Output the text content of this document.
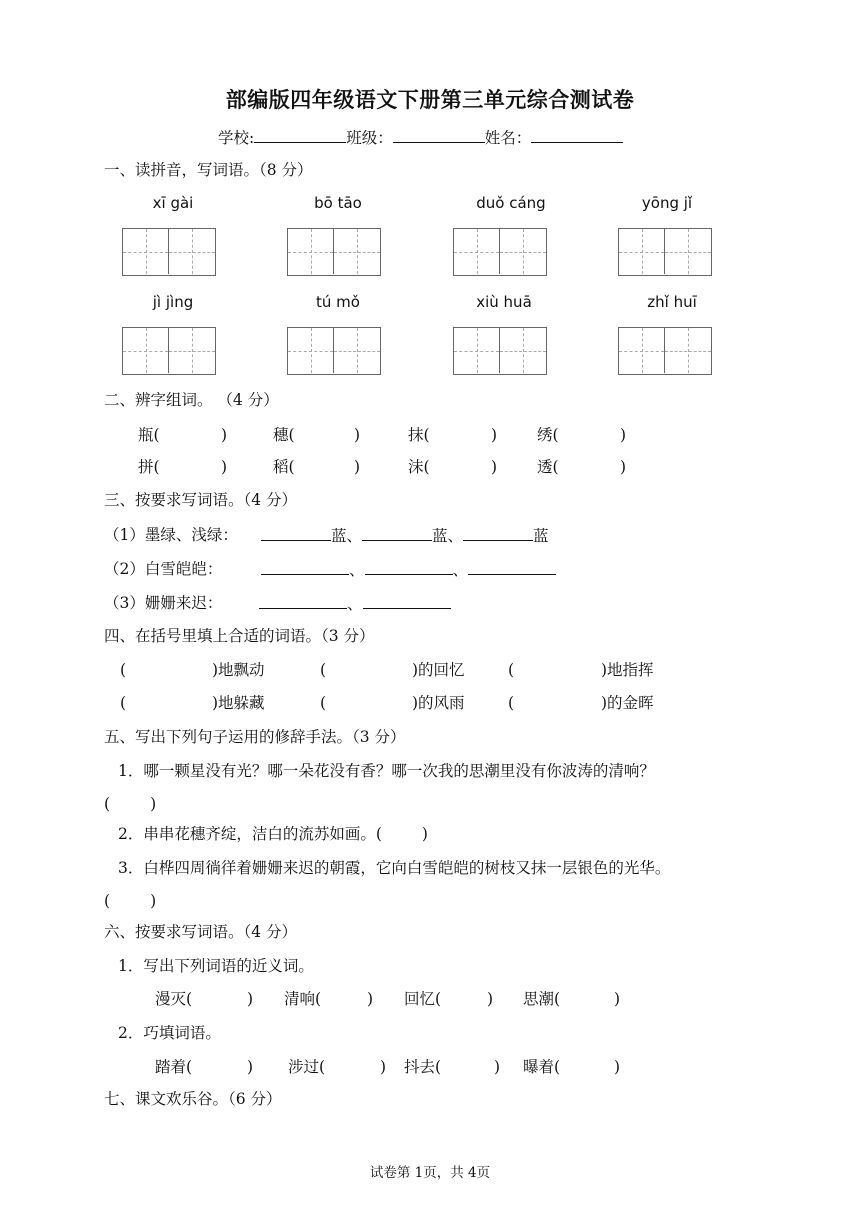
部编版四年级语文下册第三单元综合测试卷
学校:	班级：	姓名：
一、读拼音，写词语。（8 分）
xī gài	bō tāo	duǒ cáng	yōng jǐ
jì jìng	tú mǒ	xiù huā	zhǐ huī
二、辨字组词。 （4 分）
瓶(	)	穗(	)	抹(	)	绣(	)
拼(	)	稻(	)	沫(	)	透(	)
三、按要求写词语。（4 分）
（1）墨绿、浅绿：	蓝、	蓝、	蓝
（2）白雪皑皑：	、	、
（3）姗姗来迟：	、
四、在括号里填上合适的词语。（3 分）
(	)地飘动	(	)的回忆	(	)地指挥
(	)地躲藏	(	)的风雨	(	)的金晖
五、写出下列句子运用的修辞手法。（3 分）
1．哪一颗星没有光？哪一朵花没有香？哪一次我的思潮里没有你波涛的清响？
(	)
2．串串花穗齐绽，洁白的流苏如画。(	)
3．白桦四周徜徉着姗姗来迟的朝霞，它向白雪皑皑的树枝又抹一层银色的光华。
(	)
六、按要求写词语。（4 分）
1．写出下列词语的近义词。
漫灭(	) 清响(	) 回忆(	) 思潮(	)
2．巧填词语。
踏着(	) 涉过(	) 抖去(	) 曝着(	)
七、课文欢乐谷。（6 分）
试卷第 1页，共 4页
